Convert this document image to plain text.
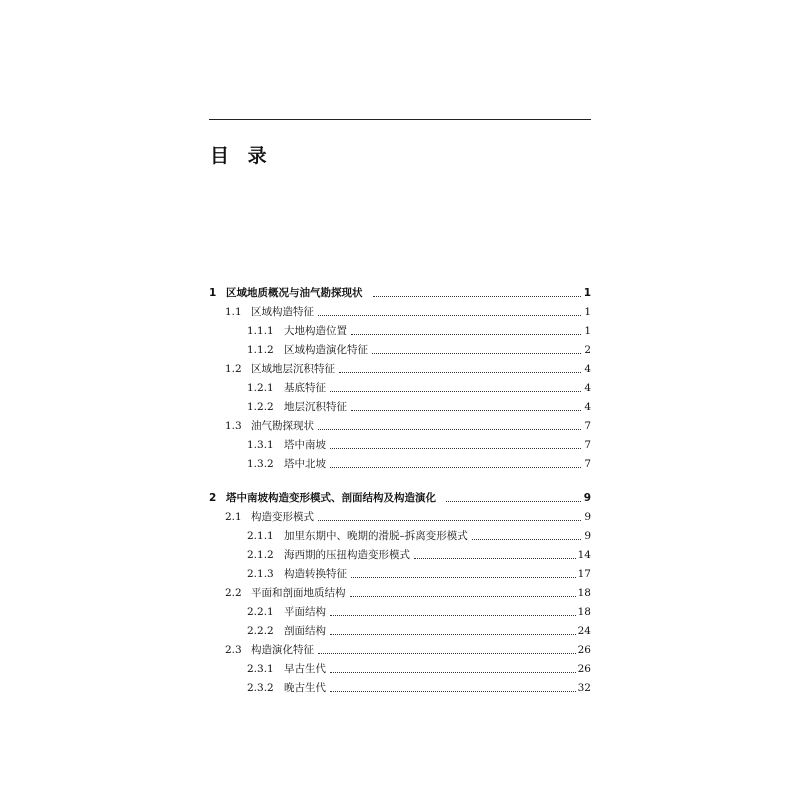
目 录
1 区域地质概况与油气勘探现状	1
1.1 区域构造特征	1
1.1.1 大地构造位置	1
1.1.2 区域构造演化特征	2
1.2 区域地层沉积特征	4
1.2.1 基底特征	4
1.2.2 地层沉积特征	4
1.3 油气勘探现状	7
1.3.1 塔中南坡	7
1.3.2 塔中北坡	7
2 塔中南坡构造变形模式、剖面结构及构造演化	9
2.1 构造变形模式	9
2.1.1 加里东期中、晚期的滑脱–拆离变形模式	9
2.1.2 海西期的压扭构造变形模式	14
2.1.3 构造转换特征	17
2.2 平面和剖面地质结构	18
2.2.1 平面结构	18
2.2.2 剖面结构	24
2.3 构造演化特征	26
2.3.1 早古生代	26
2.3.2 晚古生代	32
